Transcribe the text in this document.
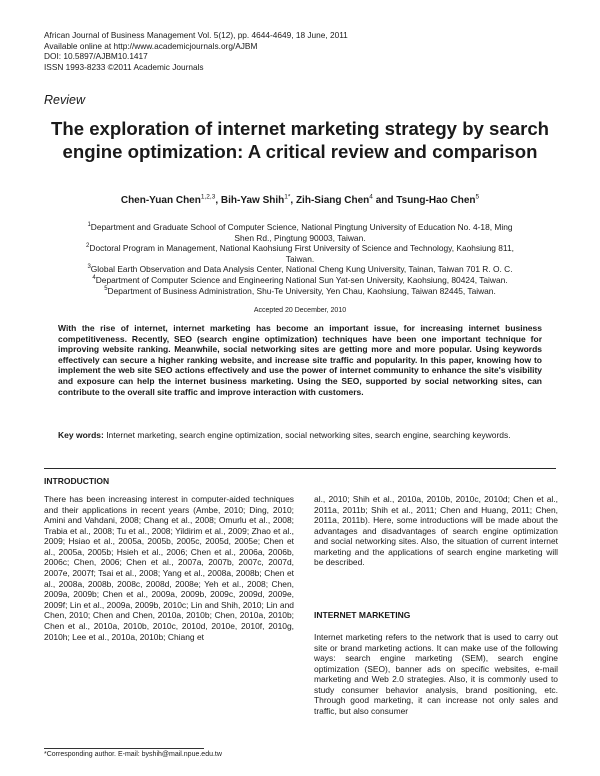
African Journal of Business Management Vol. 5(12), pp. 4644-4649, 18 June, 2011
Available online at http://www.academicjournals.org/AJBM
DOI: 10.5897/AJBM10.1417
ISSN 1993-8233 ©2011 Academic Journals
Review
The exploration of internet marketing strategy by search engine optimization: A critical review and comparison
Chen-Yuan Chen$^{1,2,3}$, Bih-Yaw Shih$^{1*}$, Zih-Siang Chen$^4$ and Tsung-Hao Chen$^5$
$^1$Department and Graduate School of Computer Science, National Pingtung University of Education No. 4-18, Ming Shen Rd., Pingtung 90003, Taiwan.
$^2$Doctoral Program in Management, National Kaohsiung First University of Science and Technology, Kaohsiung 811, Taiwan.
$^3$Global Earth Observation and Data Analysis Center, National Cheng Kung University, Tainan, Taiwan 701 R. O. C.
$^4$Department of Computer Science and Engineering National Sun Yat-sen University, Kaohsiung, 80424, Taiwan.
$^5$Department of Business Administration, Shu-Te University, Yen Chau, Kaohsiung, Taiwan 82445, Taiwan.
Accepted 20 December, 2010
With the rise of internet, internet marketing has become an important issue, for increasing internet business competitiveness. Recently, SEO (search engine optimization) techniques have been one important technique for improving website ranking. Meanwhile, social networking sites are getting more and more popular. Using keywords effectively can secure a higher ranking website, and increase site traffic and popularity. In this paper, knowing how to implement the web site SEO actions effectively and use the power of internet community to enhance the site's visibility and exposure can help the internet business marketing. Using the SEO, supported by social networking sites, can contribute to the overall site traffic and improve interaction with customers.
Key words: Internet marketing, search engine optimization, social networking sites, search engine, searching keywords.
INTRODUCTION

There has been increasing interest in computer-aided techniques and their applications in recent years (Ambe, 2010; Ding, 2010; Amini and Vahdani, 2008; Chang et al., 2008; Omurlu et al., 2008; Trabia et al., 2008; Tu et al., 2008; Yildirim et al., 2009; Zhao et al., 2009; Hsiao et al., 2005a, 2005b, 2005c, 2005d, 2005e; Chen et al., 2005a, 2005b; Hsieh et al., 2006; Chen et al., 2006a, 2006b, 2006c; Chen, 2006; Chen et al., 2007a, 2007b, 2007c, 2007d, 2007e, 2007f; Tsai et al., 2008; Yang et al., 2008a, 2008b; Chen et al., 2008a, 2008b, 2008c, 2008d, 2008e; Yeh et al., 2008; Chen, 2009a, 2009b; Chen et al., 2009a, 2009b, 2009c, 2009d, 2009e, 2009f; Lin et al., 2009a, 2009b, 2010c; Lin and Shih, 2010; Lin and Chen, 2010; Chen and Chen, 2010a, 2010b; Chen, 2010a, 2010b; Chen et al., 2010a, 2010b, 2010c, 2010d, 2010e, 2010f, 2010g, 2010h; Lee et al., 2010a, 2010b; Chiang et

al., 2010; Shih et al., 2010a, 2010b, 2010c, 2010d; Chen et al., 2011a, 2011b; Shih et al., 2011; Chen and Huang, 2011; Chen, 2011a, 2011b). Here, some introductions will be made about the advantages and disadvantages of search engine optimization and social networking sites. Also, the situation of current internet marketing and the applications of search engine marketing will be described.

INTERNET MARKETING

Internet marketing refers to the network that is used to carry out site or brand marketing actions. It can make use of the following ways: search engine marketing (SEM), search engine optimization (SEO), banner ads on specific websites, e-mail marketing and Web 2.0 strategies. Also, it is commonly used to study consumer behavior analysis, brand positioning, etc. Through good marketing, it can increase not only sales and traffic, but also consumer

*Corresponding author. E-mail: byshih@mail.npue.edu.tw
